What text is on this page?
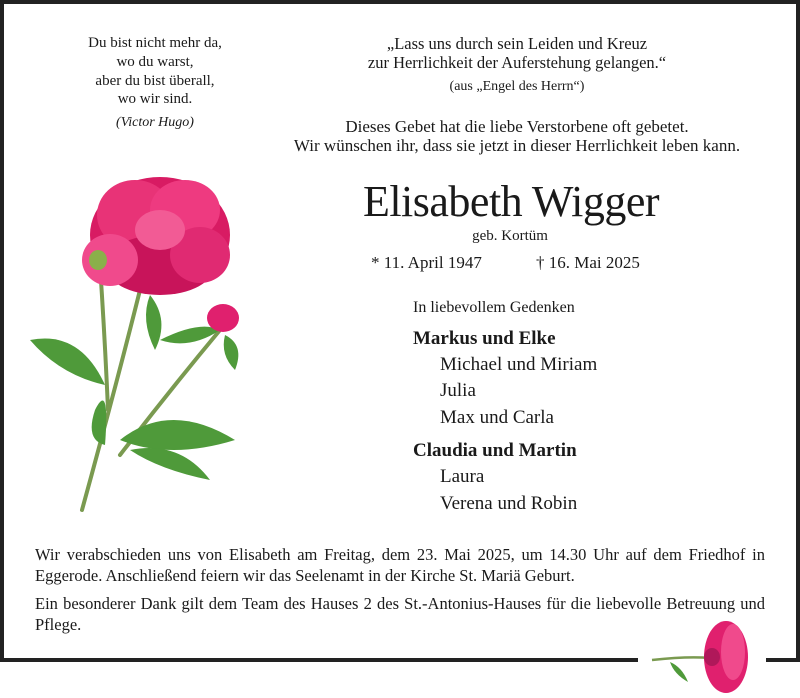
Du bist nicht mehr da,
wo du warst,
aber du bist überall,
wo wir sind.
(Victor Hugo)
„Lass uns durch sein Leiden und Kreuz
zur Herrlichkeit der Auferstehung gelangen.“
(aus „Engel des Herrn“)
Dieses Gebet hat die liebe Verstorbene oft gebetet.
Wir wünschen ihr, dass sie jetzt in dieser Herrlichkeit leben kann.
Elisabeth Wigger
geb. Kortüm
* 11. April 1947	† 16. Mai 2025
In liebevollem Gedenken
Markus und Elke
Michael und Miriam
Julia
Max und Carla
Claudia und Martin
Laura
Verena und Robin
Wir verabschieden uns von Elisabeth am Freitag, dem 23. Mai 2025, um 14.30 Uhr auf dem Friedhof in Eggerode. Anschließend feiern wir das Seelenamt in der Kirche St. Mariä Geburt.
Ein besonderer Dank gilt dem Team des Hauses 2 des St.-Antonius-Hauses für die liebevolle Betreuung und Pflege.
